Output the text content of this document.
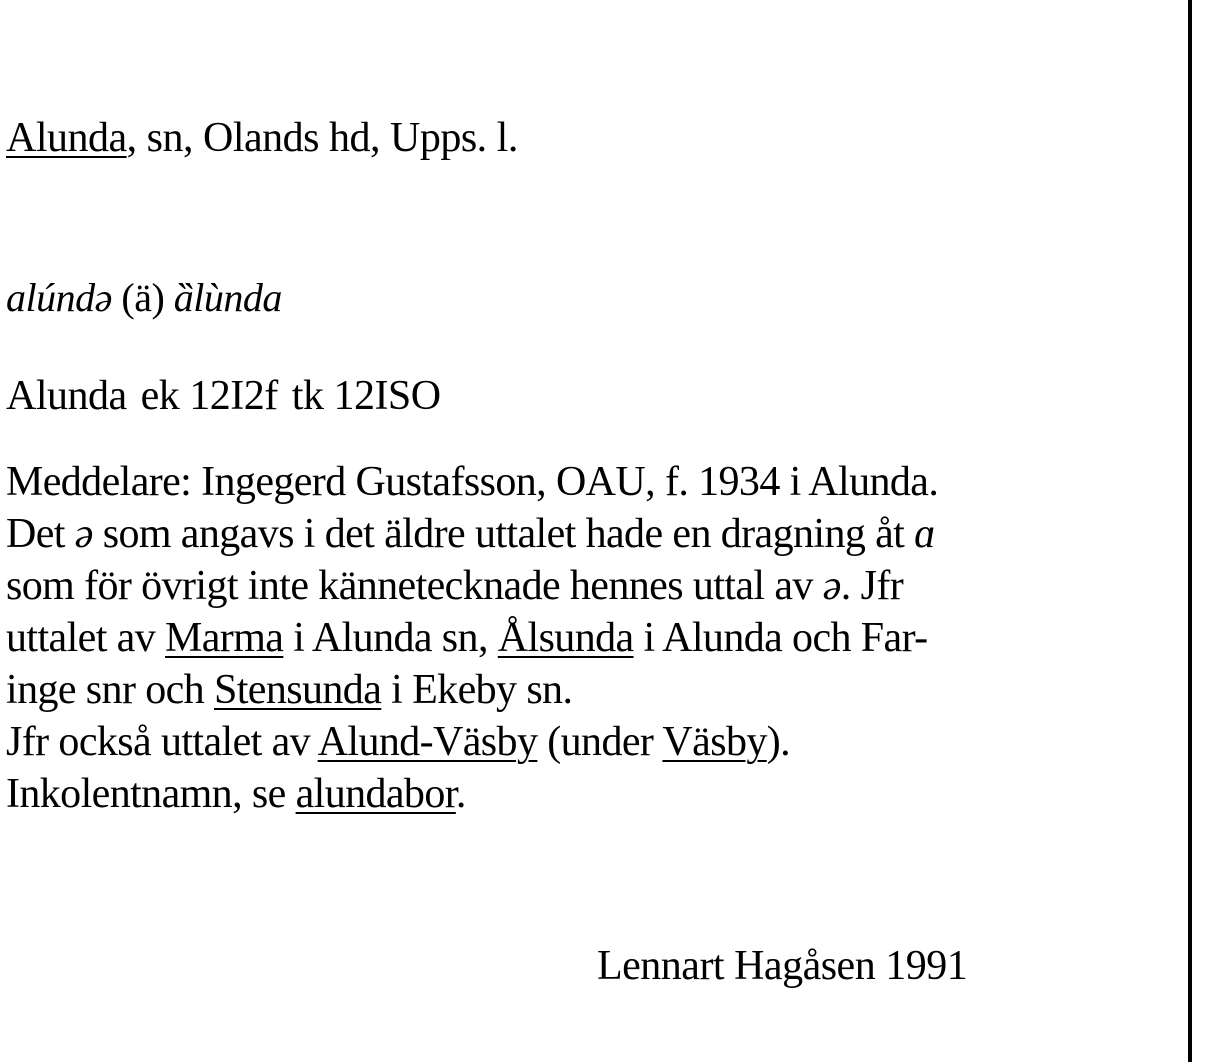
Alunda, sn, Olands hd, Upps. l.
alúndə (ä) ȁlùnda
Alunda ek 12I2f tk 12ISO
Meddelare: Ingegerd Gustafsson, OAU, f. 1934 i Alunda.
Det ə som angavs i det äldre uttalet hade en dragning åt ɑ
som för övrigt inte kännetecknade hennes uttal av ə. Jfr
uttalet av Marma i Alunda sn, Ålsunda i Alunda och Far-
inge snr och Stensunda i Ekeby sn.
Jfr också uttalet av Alund-Väsby (under Väsby).
Inkolentnamn, se alundabor.
Lennart Hagåsen 1991
